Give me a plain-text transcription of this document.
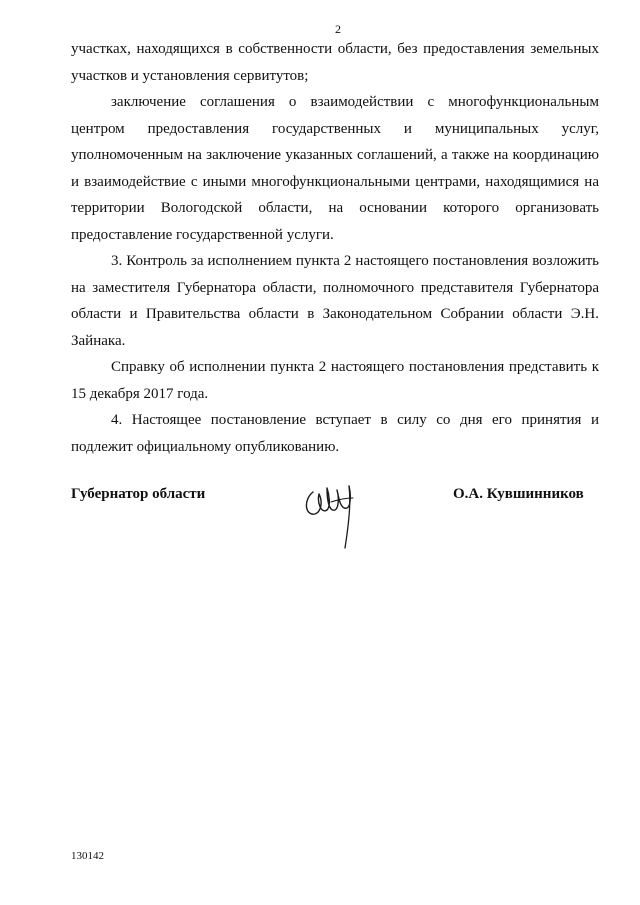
2

участках, находящихся в собственности области, без предоставления земельных участков и установления сервитутов;

заключение соглашения о взаимодействии с многофункциональным центром предоставления государственных и муниципальных услуг, уполномоченным на заключение указанных соглашений, а также на координацию и взаимодействие с иными многофункциональными центрами, находящимися на территории Вологодской области, на основании которого организовать предоставление государственной услуги.

3. Контроль за исполнением пункта 2 настоящего постановления возложить на заместителя Губернатора области, полномочного представителя Губернатора области и Правительства области в Законодательном Собрании области Э.Н. Зайнака.

Справку об исполнении пункта 2 настоящего постановления представить к 15 декабря 2017 года.

4. Настоящее постановление вступает в силу со дня его принятия и подлежит официальному опубликованию.

Губернатор области	О.А. Кувшинников
130142
